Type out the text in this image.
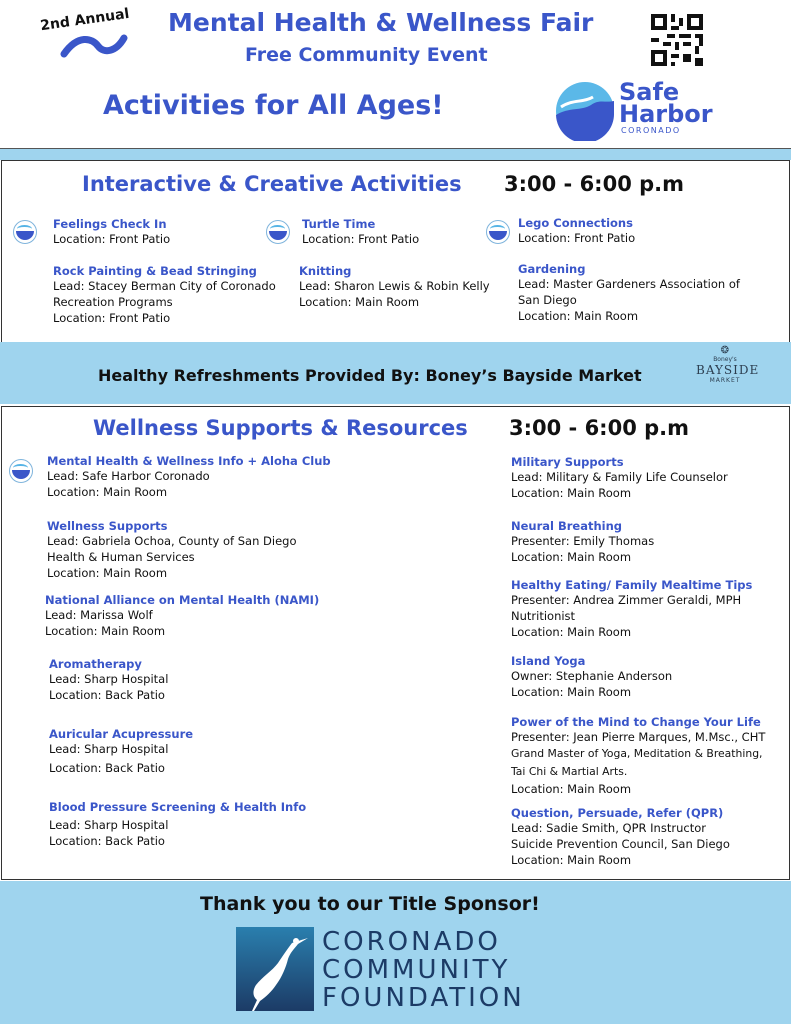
2nd Annual Mental Health & Wellness Fair
Free Community Event
Activities for All Ages!	Safe
Harbor
CORONADO
Interactive & Creative Activities 3:00 - 6:00 p.m
Feelings Check In
Location: Front Patio
Turtle Time
Location: Front Patio
Lego Connections
Location: Front Patio
Rock Painting & Bead Stringing
Lead: Stacey Berman City of Coronado
Recreation Programs
Location: Front Patio
Knitting
Lead: Sharon Lewis & Robin Kelly
Location: Main Room
Gardening
Lead: Master Gardeners Association of
San Diego
Location: Main Room
Healthy Refreshments Provided By: Boney’s Bayside Market
❂
Boney's
BAYSIDE
MARKET
Wellness Supports & Resources 3:00 - 6:00 p.m
Mental Health & Wellness Info + Aloha Club
Lead: Safe Harbor Coronado
Location: Main Room
Wellness Supports
Lead: Gabriela Ochoa, County of San Diego
Health & Human Services
Location: Main Room
National Alliance on Mental Health (NAMI)
Lead: Marissa Wolf
Location: Main Room
Aromatherapy
Lead: Sharp Hospital
Location: Back Patio
Auricular Acupressure
Lead: Sharp Hospital
Location: Back Patio
Blood Pressure Screening & Health Info
Lead: Sharp Hospital
Location: Back Patio
Military Supports
Lead: Military & Family Life Counselor
Location: Main Room
Neural Breathing
Presenter: Emily Thomas
Location: Main Room
Healthy Eating/ Family Mealtime Tips
Presenter: Andrea Zimmer Geraldi, MPH
Nutritionist
Location: Main Room
Island Yoga
Owner: Stephanie Anderson
Location: Main Room
Power of the Mind to Change Your Life
Presenter: Jean Pierre Marques, M.Msc., CHT
Grand Master of Yoga, Meditation & Breathing,
Tai Chi & Martial Arts.
Location: Main Room
Question, Persuade, Refer (QPR)
Lead: Sadie Smith, QPR Instructor
Suicide Prevention Council, San Diego
Location: Main Room
Thank you to our Title Sponsor!
CORONADO
COMMUNITY
FOUNDATION
